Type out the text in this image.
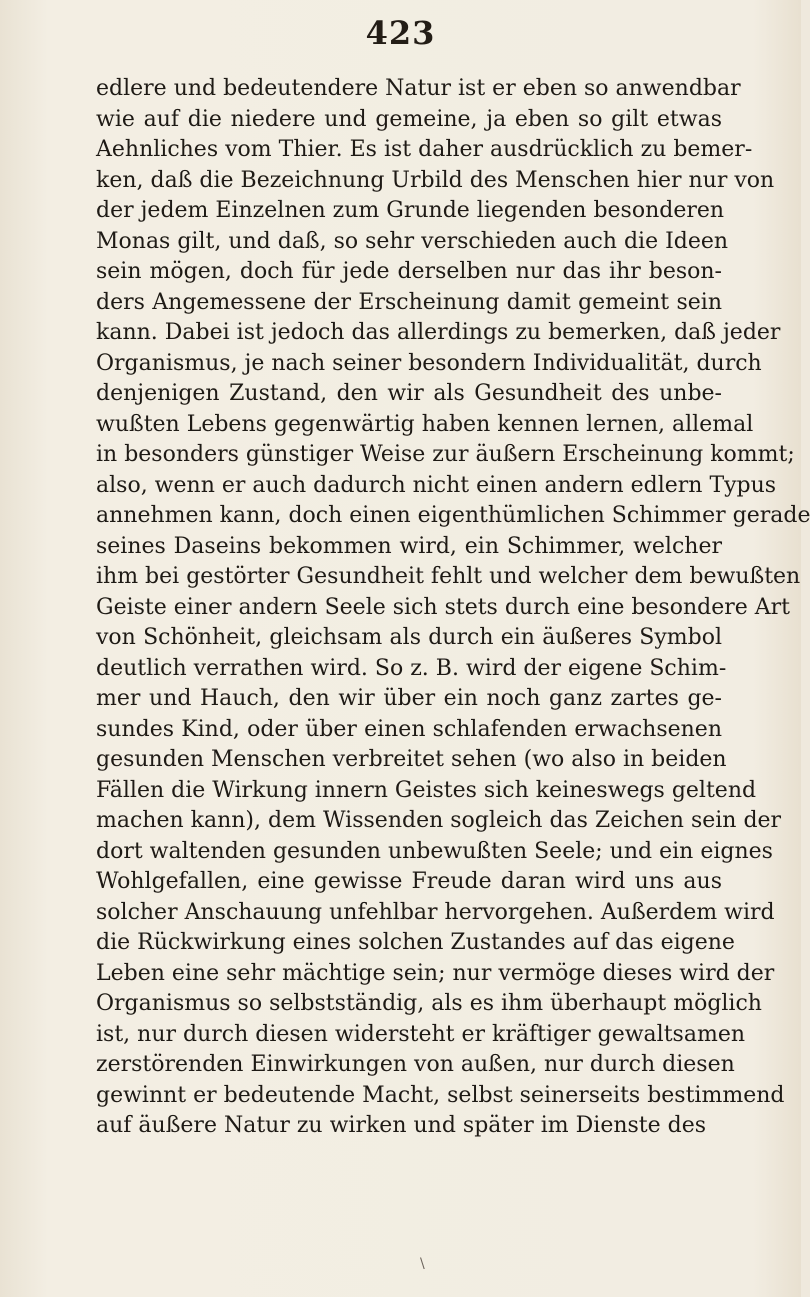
423
edlere und bedeutendere Natur ist er eben so anwendbar
wie auf die niedere und gemeine, ja eben so gilt etwas
Aehnliches vom Thier. Es ist daher ausdrücklich zu bemer-
ken, daß die Bezeichnung Urbild des Menschen hier nur von
der jedem Einzelnen zum Grunde liegenden besonderen
Monas gilt, und daß, so sehr verschieden auch die Ideen
sein mögen, doch für jede derselben nur das ihr beson-
ders Angemessene der Erscheinung damit gemeint sein
kann. Dabei ist jedoch das allerdings zu bemerken, daß jeder
Organismus, je nach seiner besondern Individualität, durch
denjenigen Zustand, den wir als Gesundheit des unbe-
wußten Lebens gegenwärtig haben kennen lernen, allemal
in besonders günstiger Weise zur äußern Erscheinung kommt;
also, wenn er auch dadurch nicht einen andern edlern Typus
annehmen kann, doch einen eigenthümlichen Schimmer gerade
seines Daseins bekommen wird, ein Schimmer, welcher
ihm bei gestörter Gesundheit fehlt und welcher dem bewußten
Geiste einer andern Seele sich stets durch eine besondere Art
von Schönheit, gleichsam als durch ein äußeres Symbol
deutlich verrathen wird. So z. B. wird der eigene Schim-
mer und Hauch, den wir über ein noch ganz zartes ge-
sundes Kind, oder über einen schlafenden erwachsenen
gesunden Menschen verbreitet sehen (wo also in beiden
Fällen die Wirkung innern Geistes sich keineswegs geltend
machen kann), dem Wissenden sogleich das Zeichen sein der
dort waltenden gesunden unbewußten Seele; und ein eignes
Wohlgefallen, eine gewisse Freude daran wird uns aus
solcher Anschauung unfehlbar hervorgehen. Außerdem wird
die Rückwirkung eines solchen Zustandes auf das eigene
Leben eine sehr mächtige sein; nur vermöge dieses wird der
Organismus so selbstständig, als es ihm überhaupt möglich
ist, nur durch diesen widersteht er kräftiger gewaltsamen
zerstörenden Einwirkungen von außen, nur durch diesen
gewinnt er bedeutende Macht, selbst seinerseits bestimmend
auf äußere Natur zu wirken und später im Dienste des
\
